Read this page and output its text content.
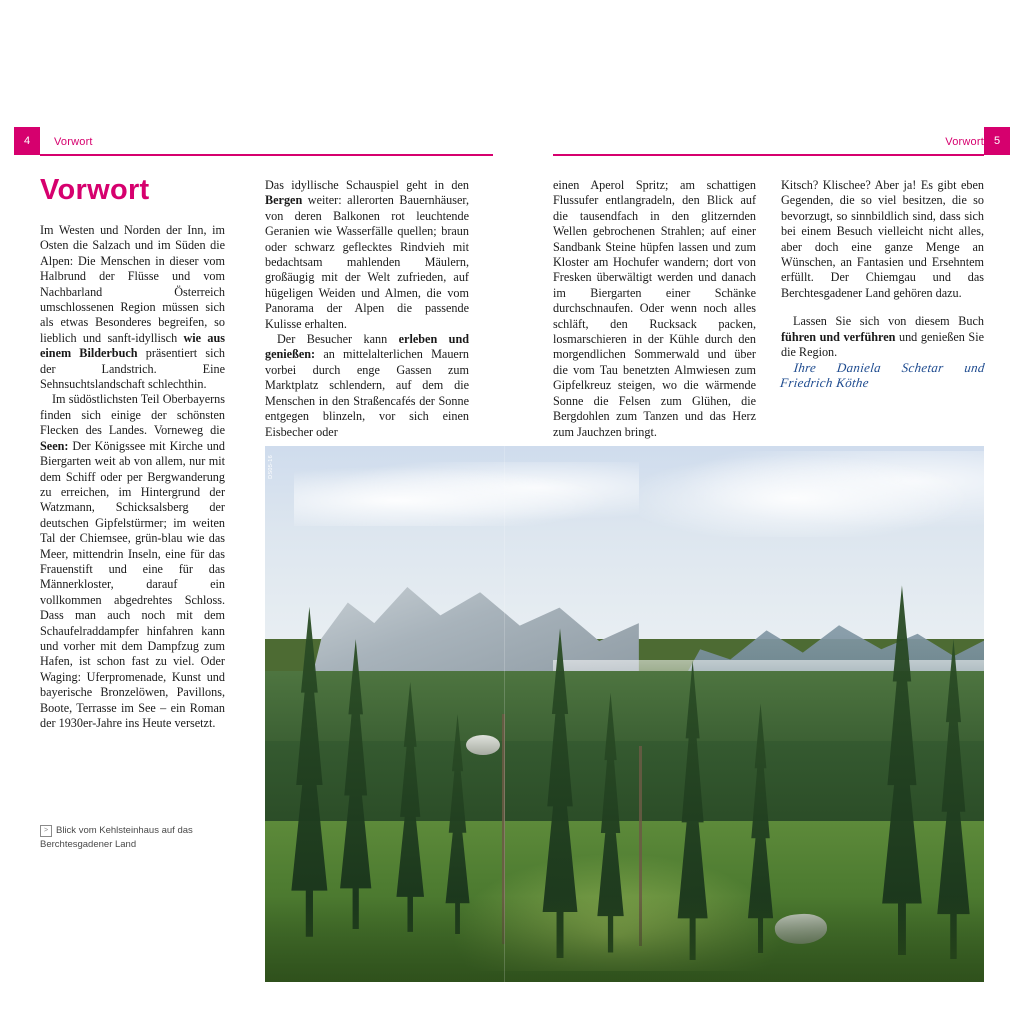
4	5
Vorwort	Vorwort
Vorwort

Im Westen und Norden der Inn, im Osten die Salzach und im Süden die Alpen: Die Menschen in dieser vom Halbrund der Flüsse und vom Nachbarland Österreich umschlossenen Region müssen sich als etwas Besonderes begreifen, so lieblich und sanft-idyllisch wie aus einem Bilderbuch präsentiert sich der Landstrich. Eine Sehnsuchtslandschaft schlechthin.

Im südöstlichsten Teil Oberbayerns finden sich einige der schönsten Flecken des Landes. Vorneweg die Seen: Der Königssee mit Kirche und Biergarten weit ab von allem, nur mit dem Schiff oder per Bergwanderung zu erreichen, im Hintergrund der Watzmann, Schicksalsberg der deutschen Gipfelstürmer; im weiten Tal der Chiemsee, grün-blau wie das Meer, mittendrin Inseln, eine für das Frauenstift und eine für das Männerkloster, darauf ein vollkommen abgedrehtes Schloss. Dass man auch noch mit dem Schaufelraddampfer hinfahren kann und vorher mit dem Dampfzug zum Hafen, ist schon fast zu viel. Oder Waging: Uferpromenade, Kunst und bayerische Bronzelöwen, Pavillons, Boote, Terrasse im See – ein Roman der 1930er-Jahre ins Heute versetzt.

Das idyllische Schauspiel geht in den Bergen weiter: allerorten Bauernhäuser, von deren Balkonen rot leuchtende Geranien wie Wasserfälle quellen; braun oder schwarz geflecktes Rindvieh mit bedachtsam mahlenden Mäulern, großäugig mit der Welt zufrieden, auf hügeligen Weiden und Almen, die vom Panorama der Alpen die passende Kulisse erhalten.

Der Besucher kann erleben und genießen: an mittelalterlichen Mauern vorbei durch enge Gassen zum Marktplatz schlendern, auf dem die Menschen in den Straßencafés der Sonne entgegen blinzeln, vor sich einen Eisbecher oder

einen Aperol Spritz; am schattigen Flussufer entlangradeln, den Blick auf die tausendfach in den glitzernden Wellen gebrochenen Strahlen; auf einer Sandbank Steine hüpfen lassen und zum Kloster am Hochufer wandern; dort von Fresken überwältigt werden und danach im Biergarten einer Schänke durchschnaufen. Oder wenn noch alles schläft, den Rucksack packen, losmarschieren in der Kühle durch den morgendlichen Sommerwald und über die vom Tau benetzten Almwiesen zum Gipfelkreuz steigen, wo die wärmende Sonne die Felsen zum Glühen, die Bergdohlen zum Tanzen und das Herz zum Jauchzen bringt.

Kitsch? Klischee? Aber ja! Es gibt eben Gegenden, die so viel besitzen, die so bevorzugt, so sinnbildlich sind, dass sich bei einem Besuch vielleicht nicht alles, aber doch eine ganze Menge an Wünschen, an Fantasien und Ersehntem erfüllt. Der Chiemgau und das Berchtesgadener Land gehören dazu.

Lassen Sie sich von diesem Buch führen und verführen und genießen Sie die Region.

Ihre Daniela Schetar und Friedrich Köthe

DS05-16
> Blick vom Kehlsteinhaus auf das Berchtesgadener Land
